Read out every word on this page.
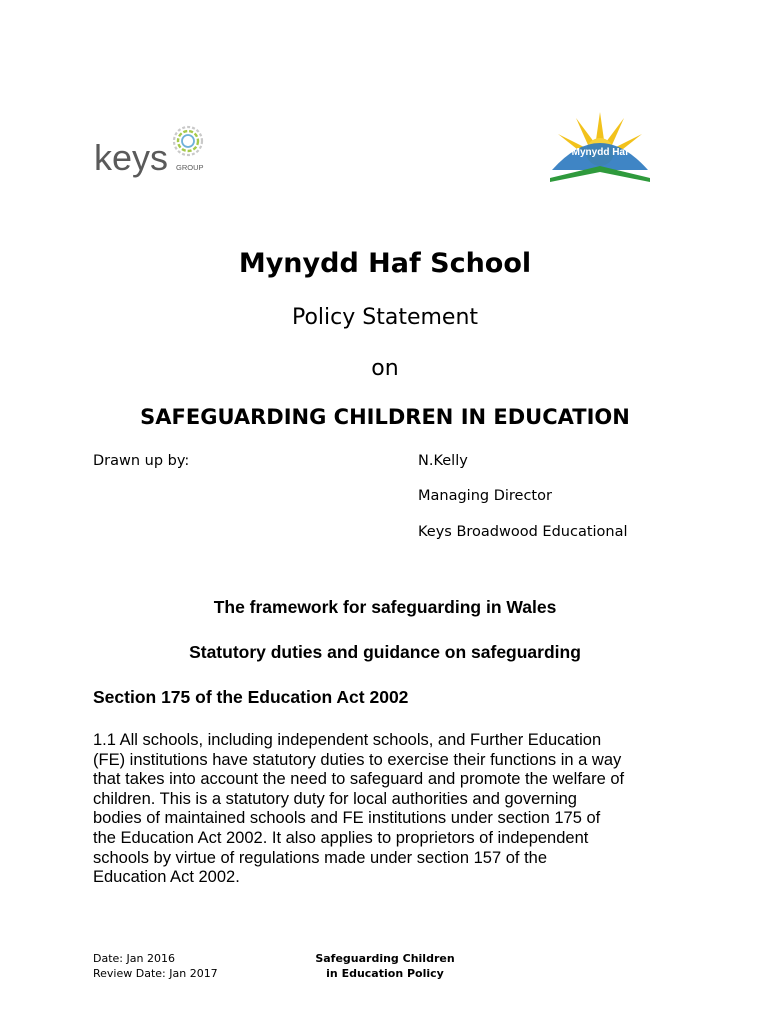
keys GROUP
Mynydd Haf
Mynydd Haf School
Policy Statement
on
SAFEGUARDING CHILDREN IN EDUCATION
Drawn up by:	N.Kelly
Managing Director
Keys Broadwood Educational
The framework for safeguarding in Wales
Statutory duties and guidance on safeguarding
Section 175 of the Education Act 2002
1.1 All schools, including independent schools, and Further Education
(FE) institutions have statutory duties to exercise their functions in a way
that takes into account the need to safeguard and promote the welfare of
children. This is a statutory duty for local authorities and governing
bodies of maintained schools and FE institutions under section 175 of
the Education Act 2002. It also applies to proprietors of independent
schools by virtue of regulations made under section 157 of the
Education Act 2002.
Date: Jan 2016
Review Date: Jan 2017
Safeguarding Children
in Education Policy
